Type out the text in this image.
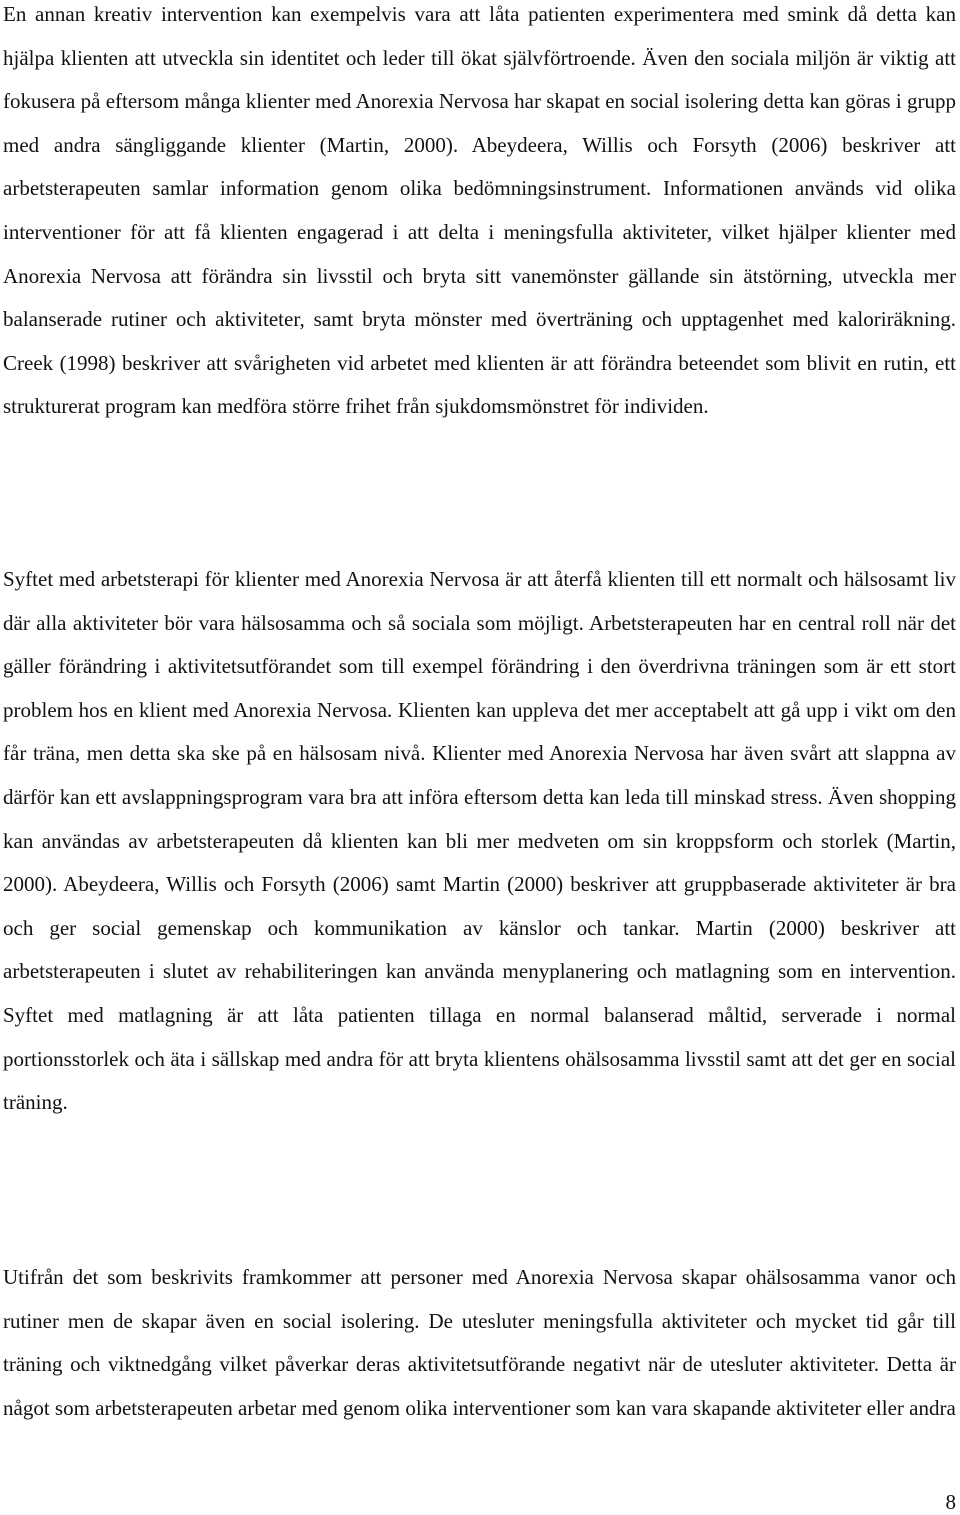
En annan kreativ intervention kan exempelvis vara att låta patienten experimentera med smink då detta kan hjälpa klienten att utveckla sin identitet och leder till ökat självförtroende. Även den sociala miljön är viktig att fokusera på eftersom många klienter med Anorexia Nervosa har skapat en social isolering detta kan göras i grupp med andra sängliggande klienter (Martin, 2000). Abeydeera, Willis och Forsyth (2006) beskriver att arbetsterapeuten samlar information genom olika bedömningsinstrument. Informationen används vid olika interventioner för att få klienten engagerad i att delta i meningsfulla aktiviteter, vilket hjälper klienter med Anorexia Nervosa att förändra sin livsstil och bryta sitt vanemönster gällande sin ätstörning, utveckla mer balanserade rutiner och aktiviteter, samt bryta mönster med överträning och upptagenhet med kaloriräkning. Creek (1998) beskriver att svårigheten vid arbetet med klienten är att förändra beteendet som blivit en rutin, ett strukturerat program kan medföra större frihet från sjukdomsmönstret för individen.

Syftet med arbetsterapi för klienter med Anorexia Nervosa är att återfå klienten till ett normalt och hälsosamt liv där alla aktiviteter bör vara hälsosamma och så sociala som möjligt. Arbetsterapeuten har en central roll när det gäller förändring i aktivitetsutförandet som till exempel förändring i den överdrivna träningen som är ett stort problem hos en klient med Anorexia Nervosa. Klienten kan uppleva det mer acceptabelt att gå upp i vikt om den får träna, men detta ska ske på en hälsosam nivå. Klienter med Anorexia Nervosa har även svårt att slappna av därför kan ett avslappningsprogram vara bra att införa eftersom detta kan leda till minskad stress. Även shopping kan användas av arbetsterapeuten då klienten kan bli mer medveten om sin kroppsform och storlek (Martin, 2000). Abeydeera, Willis och Forsyth (2006) samt Martin (2000) beskriver att gruppbaserade aktiviteter är bra och ger social gemenskap och kommunikation av känslor och tankar. Martin (2000) beskriver att arbetsterapeuten i slutet av rehabiliteringen kan använda menyplanering och matlagning som en intervention. Syftet med matlagning är att låta patienten tillaga en normal balanserad måltid, serverade i normal portionsstorlek och äta i sällskap med andra för att bryta klientens ohälsosamma livsstil samt att det ger en social träning.

Utifrån det som beskrivits framkommer att personer med Anorexia Nervosa skapar ohälsosamma vanor och rutiner men de skapar även en social isolering. De utesluter meningsfulla aktiviteter och mycket tid går till träning och viktnedgång vilket påverkar deras aktivitetsutförande negativt när de utesluter aktiviteter. Detta är något som arbetsterapeuten arbetar med genom olika interventioner som kan vara skapande aktiviteter eller andra

8
